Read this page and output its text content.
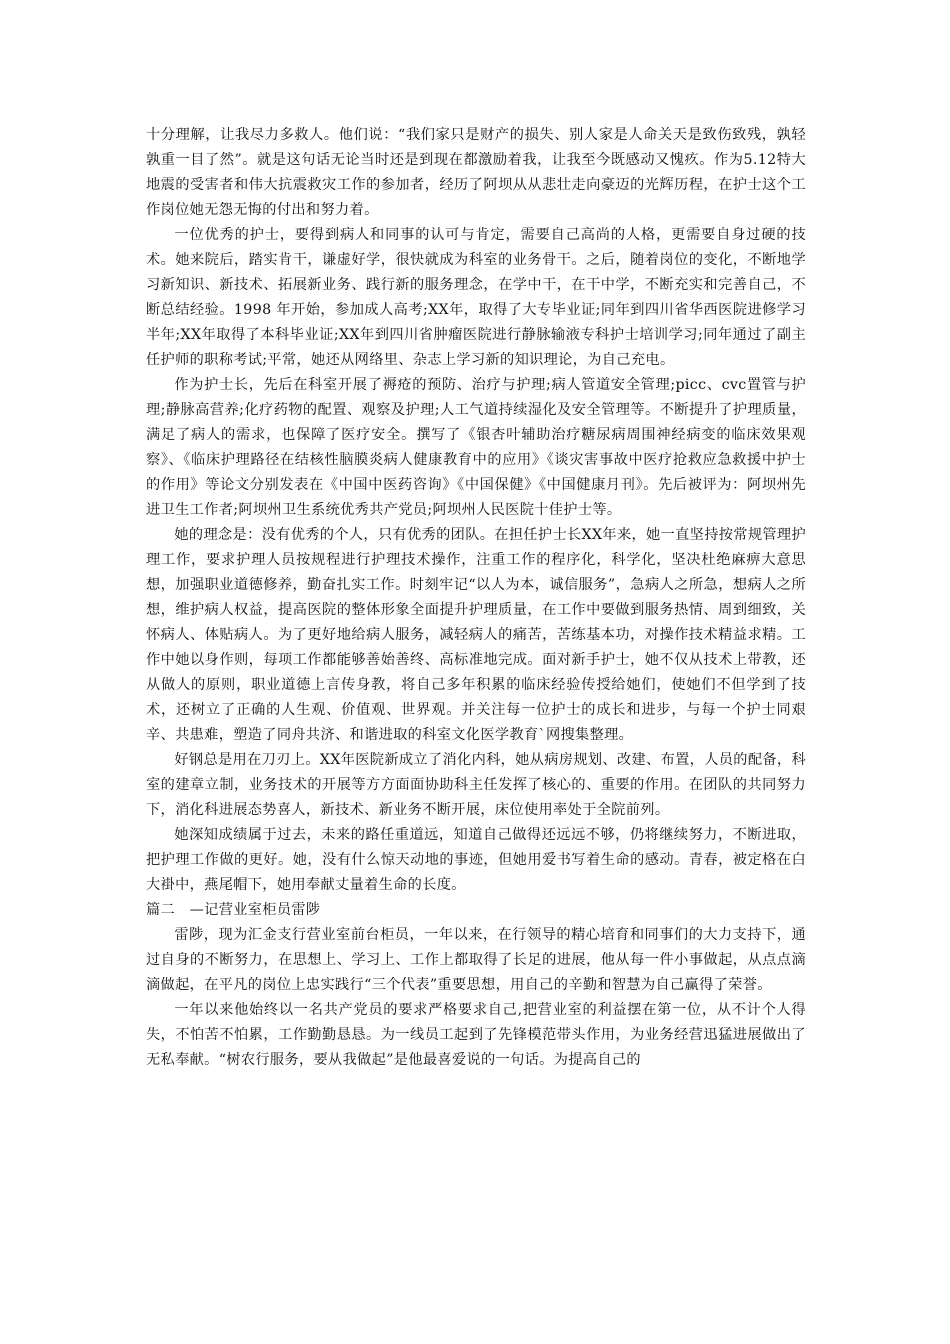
十分理解，让我尽力多救人。他们说：“我们家只是财产的损失、别人家是人命关天是致伤致残，孰轻孰重一目了然”。就是这句话无论当时还是到现在都激励着我，让我至今既感动又愧疚。作为5.12特大地震的受害者和伟大抗震救灾工作的参加者，经历了阿坝从从悲壮走向豪迈的光辉历程，在护士这个工作岗位她无怨无悔的付出和努力着。

一位优秀的护士，要得到病人和同事的认可与肯定，需要自己高尚的人格，更需要自身过硬的技术。她来院后，踏实肯干，谦虚好学，很快就成为科室的业务骨干。之后，随着岗位的变化，不断地学习新知识、新技术、拓展新业务、践行新的服务理念，在学中干，在干中学，不断充实和完善自己，不断总结经验。1998 年开始，参加成人高考;XX年，取得了大专毕业证;同年到四川省华西医院进修学习半年;XX年取得了本科毕业证;XX年到四川省肿瘤医院进行静脉输液专科护士培训学习;同年通过了副主任护师的职称考试;平常，她还从网络里、杂志上学习新的知识理论，为自己充电。

作为护士长，先后在科室开展了褥疮的预防、治疗与护理;病人管道安全管理;picc、cvc置管与护理;静脉高营养;化疗药物的配置、观察及护理;人工气道持续湿化及安全管理等。不断提升了护理质量，满足了病人的需求，也保障了医疗安全。撰写了《银杏叶辅助治疗糖尿病周围神经病变的临床效果观察》、《临床护理路径在结核性脑膜炎病人健康教育中的应用》《谈灾害事故中医疗抢救应急救援中护士的作用》等论文分别发表在《中国中医药咨询》《中国保健》《中国健康月刊》。先后被评为：阿坝州先进卫生工作者;阿坝州卫生系统优秀共产党员;阿坝州人民医院十佳护士等。

她的理念是：没有优秀的个人，只有优秀的团队。在担任护士长XX年来，她一直坚持按常规管理护理工作，要求护理人员按规程进行护理技术操作，注重工作的程序化，科学化，坚决杜绝麻痹大意思想，加强职业道德修养，勤奋扎实工作。时刻牢记“以人为本，诚信服务”，急病人之所急，想病人之所想，维护病人权益，提高医院的整体形象全面提升护理质量，在工作中要做到服务热情、周到细致，关怀病人、体贴病人。为了更好地给病人服务，减轻病人的痛苦，苦练基本功，对操作技术精益求精。工作中她以身作则，每项工作都能够善始善终、高标准地完成。面对新手护士，她不仅从技术上带教，还从做人的原则，职业道德上言传身教，将自己多年积累的临床经验传授给她们，使她们不但学到了技术，还树立了正确的人生观、价值观、世界观。并关注每一位护士的成长和进步，与每一个护士同艰辛、共患难，塑造了同舟共济、和谐进取的科室文化医学教育`网搜集整理。

好钢总是用在刀刃上。XX年医院新成立了消化内科，她从病房规划、改建、布置，人员的配备，科室的建章立制，业务技术的开展等方方面面协助科主任发挥了核心的、重要的作用。在团队的共同努力下，消化科进展态势喜人，新技术、新业务不断开展，床位使用率处于全院前列。

她深知成绩属于过去，未来的路任重道远，知道自己做得还远远不够，仍将继续努力，不断进取，把护理工作做的更好。她，没有什么惊天动地的事迹，但她用爱书写着生命的感动。青春，被定格在白大褂中，燕尾帽下，她用奉献丈量着生命的长度。

篇二　—记营业室柜员雷陟

雷陟，现为汇金支行营业室前台柜员，一年以来，在行领导的精心培育和同事们的大力支持下，通过自身的不断努力，在思想上、学习上、工作上都取得了长足的进展，他从每一件小事做起，从点点滴滴做起，在平凡的岗位上忠实践行“三个代表”重要思想，用自己的辛勤和智慧为自己赢得了荣誉。

一年以来他始终以一名共产党员的要求严格要求自己,把营业室的利益摆在第一位，从不计个人得失，不怕苦不怕累，工作勤勤恳恳。为一线员工起到了先锋模范带头作用，为业务经营迅猛进展做出了无私奉献。“树农行服务，要从我做起”是他最喜爱说的一句话。为提高自己的
